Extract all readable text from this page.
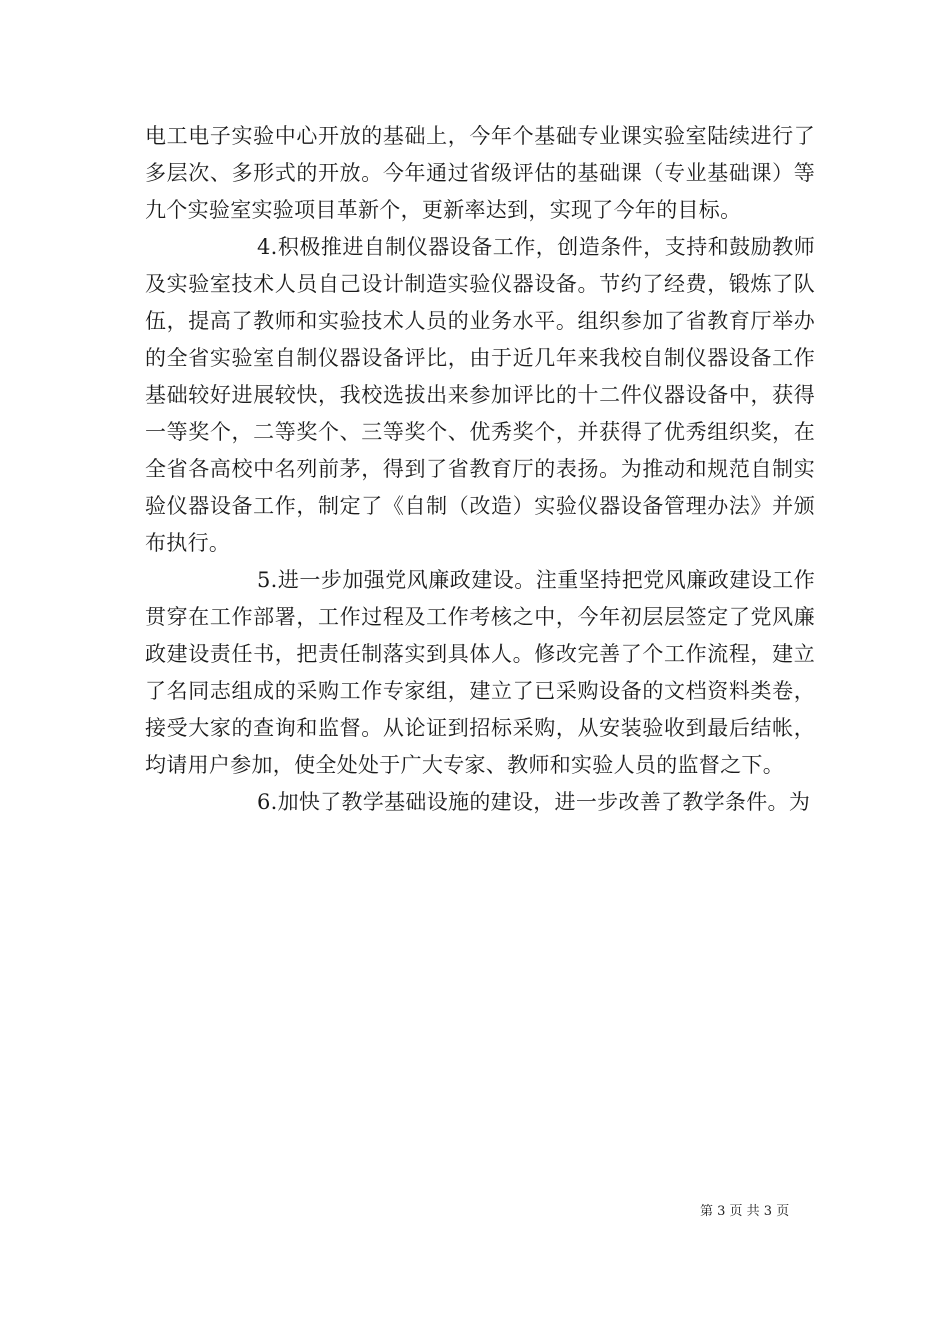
电工电子实验中心开放的基础上，今年个基础专业课实验室陆续进行了多层次、多形式的开放。今年通过省级评估的基础课（专业基础课）等九个实验室实验项目革新个，更新率达到，实现了今年的目标。

4.积极推进自制仪器设备工作，创造条件，支持和鼓励教师及实验室技术人员自己设计制造实验仪器设备。节约了经费，锻炼了队伍，提高了教师和实验技术人员的业务水平。组织参加了省教育厅举办的全省实验室自制仪器设备评比，由于近几年来我校自制仪器设备工作基础较好进展较快，我校选拔出来参加评比的十二件仪器设备中，获得一等奖个，二等奖个、三等奖个、优秀奖个，并获得了优秀组织奖，在全省各高校中名列前茅，得到了省教育厅的表扬。为推动和规范自制实验仪器设备工作，制定了《自制（改造）实验仪器设备管理办法》并颁布执行。

5.进一步加强党风廉政建设。注重坚持把党风廉政建设工作贯穿在工作部署，工作过程及工作考核之中，今年初层层签定了党风廉政建设责任书，把责任制落实到具体人。修改完善了个工作流程，建立了名同志组成的采购工作专家组，建立了已采购设备的文档资料类卷，接受大家的查询和监督。从论证到招标采购，从安装验收到最后结帐，均请用户参加，使全处处于广大专家、教师和实验人员的监督之下。

6.加快了教学基础设施的建设，进一步改善了教学条件。为

第 3 页 共 3 页
